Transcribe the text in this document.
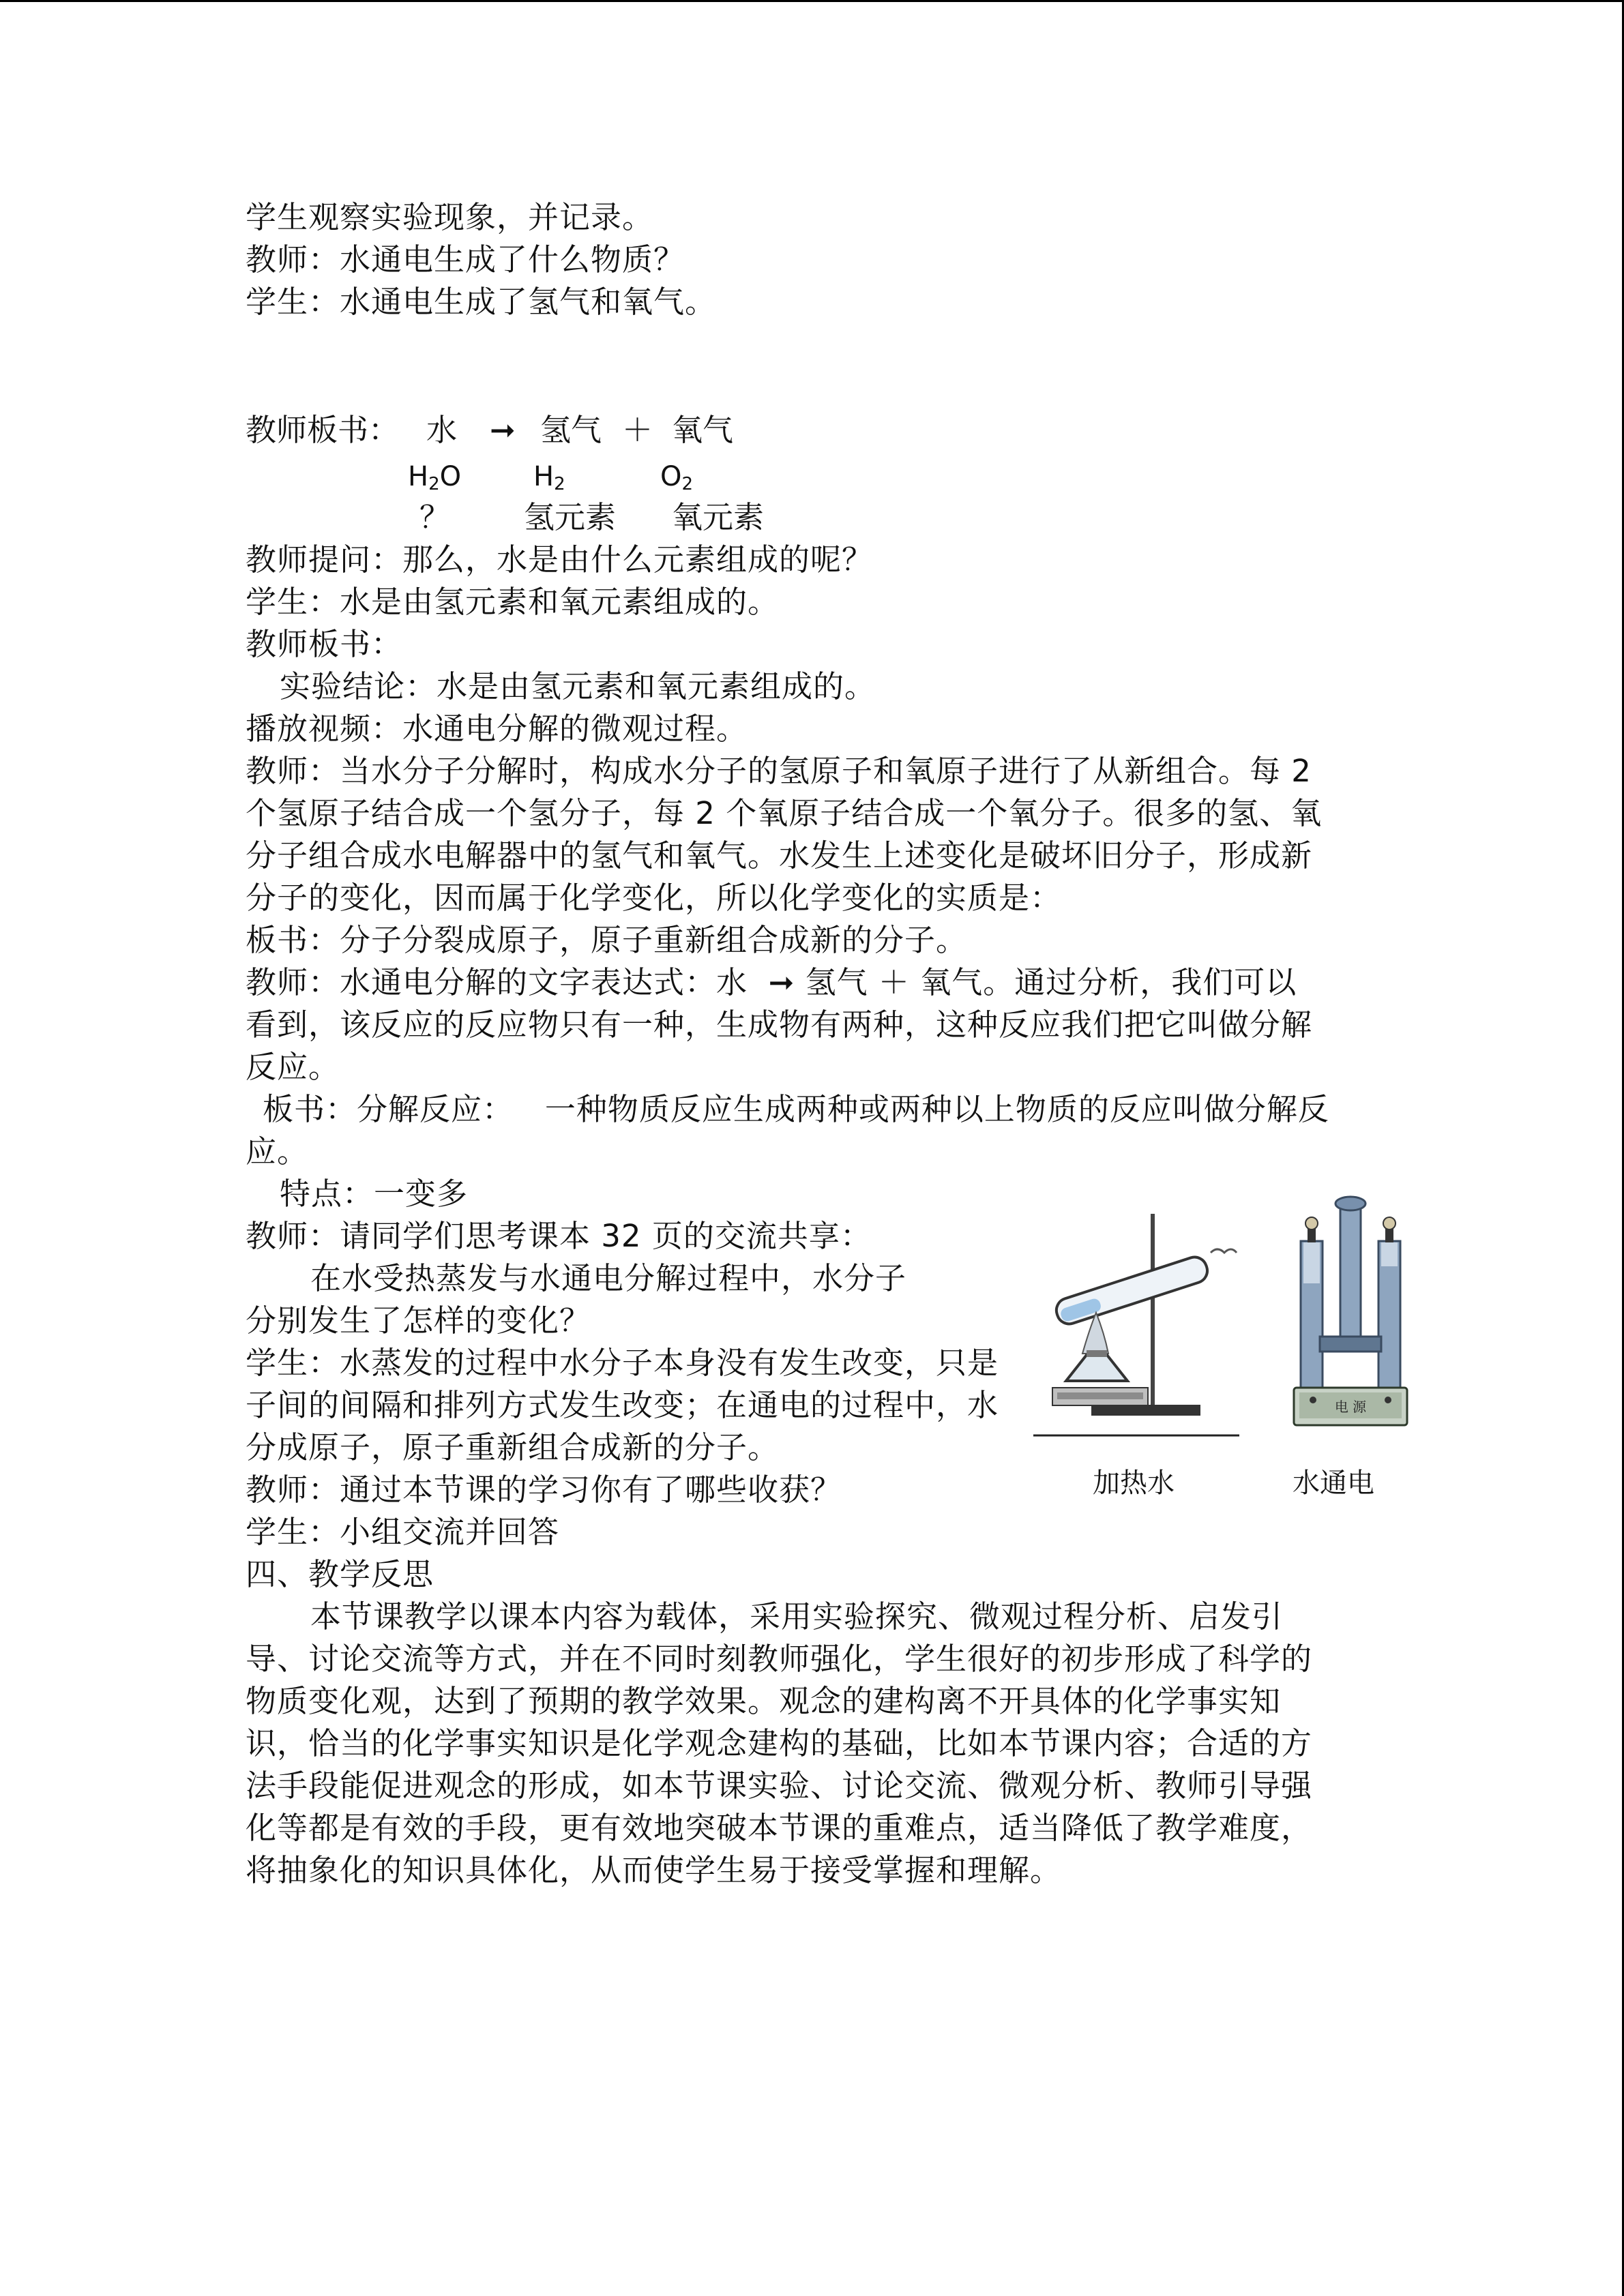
学生观察实验现象，并记录。
教师：水通电生成了什么物质？
学生：水通电生成了氢气和氧气。
教师板书： 水 ➞ 氢气 ＋ 氧气
$H_2O$	$H_2$	$O_2$
？ 氢元素 氧元素
教师提问：那么，水是由什么元素组成的呢？
学生：水是由氢元素和氧元素组成的。
教师板书：
实验结论：水是由氢元素和氧元素组成的。
播放视频：水通电分解的微观过程。
教师：当水分子分解时，构成水分子的氢原子和氧原子进行了从新组合。每 2
个氢原子结合成一个氢分子，每 2 个氧原子结合成一个氧分子。很多的氢、氧
分子组合成水电解器中的氢气和氧气。水发生上述变化是破坏旧分子，形成新
分子的变化，因而属于化学变化，所以化学变化的实质是：
板书：分子分裂成原子，原子重新组合成新的分子。
教师：水通电分解的文字表达式：水  ➞ 氢气 ＋ 氧气。通过分析，我们可以
看到，该反应的反应物只有一种，生成物有两种，这种反应我们把它叫做分解
反应。
板书：分解反应：   一种物质反应生成两种或两种以上物质的反应叫做分解反
应。
特点：一变多
教师：请同学们思考课本 32 页的交流共享：
在水受热蒸发与水通电分解过程中，水分子
分别发生了怎样的变化？
学生：水蒸发的过程中水分子本身没有发生改变，只是
子间的间隔和排列方式发生改变；在通电的过程中，水
分成原子，原子重新组合成新的分子。
教师：通过本节课的学习你有了哪些收获？
学生：小组交流并回答
四、教学反思
本节课教学以课本内容为载体，采用实验探究、微观过程分析、启发引
导、讨论交流等方式，并在不同时刻教师强化，学生很好的初步形成了科学的
物质变化观，达到了预期的教学效果。观念的建构离不开具体的化学事实知
识，恰当的化学事实知识是化学观念建构的基础，比如本节课内容；合适的方
法手段能促进观念的形成，如本节课实验、讨论交流、微观分析、教师引导强
化等都是有效的手段，更有效地突破本节课的重难点，适当降低了教学难度，
将抽象化的知识具体化，从而使学生易于接受掌握和理解。
加热水
电 源
水通电
